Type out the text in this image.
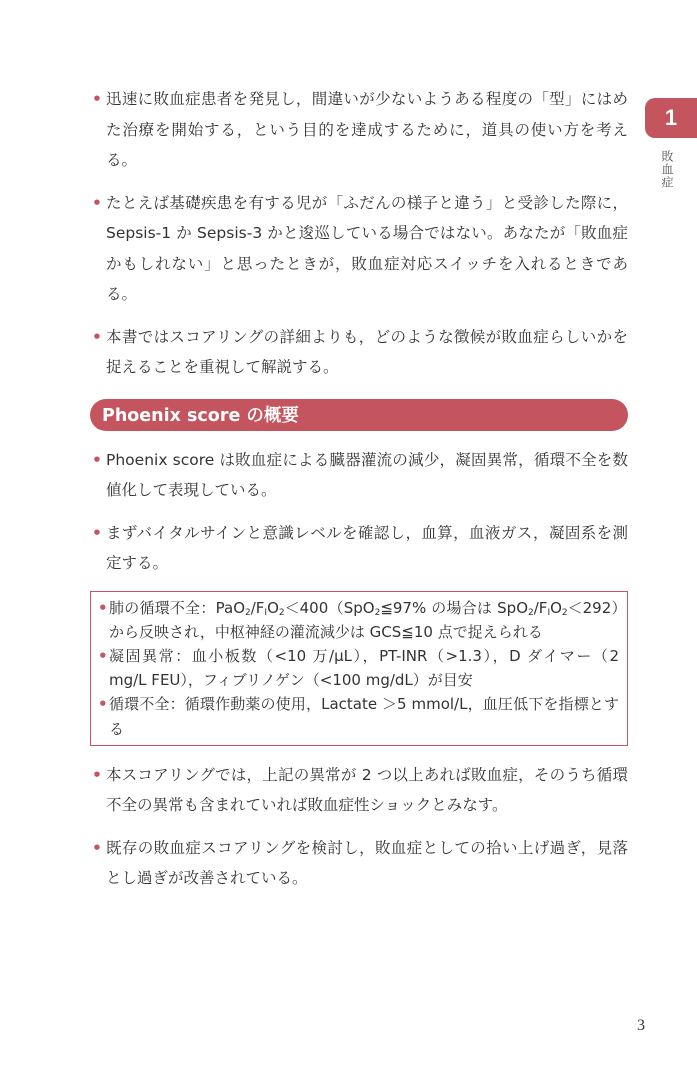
1
敗血症
• 迅速に敗血症患者を発見し，間違いが少ないようある程度の「型」にはめた治療を開始する，という目的を達成するために，道具の使い方を考える。
• たとえば基礎疾患を有する児が「ふだんの様子と違う」と受診した際に，Sepsis-1 か Sepsis-3 かと逡巡している場合ではない。あなたが「敗血症かもしれない」と思ったときが，敗血症対応スイッチを入れるときである。
• 本書ではスコアリングの詳細よりも，どのような徴候が敗血症らしいかを捉えることを重視して解説する。
Phoenix score の概要
• Phoenix score は敗血症による臓器灌流の減少，凝固異常，循環不全を数値化して表現している。
• まずバイタルサインと意識レベルを確認し，血算，血液ガス，凝固系を測定する。
• 肺の循環不全：$PaO_2/F_IO_2<400(SpO_2≦97\%$ の場合は $SpO_2/F_IO_2<292$）から反映され，中枢神経の灌流減少は GCS≦10 点で捉えられる
• 凝固異常：血小板数（<10 万/μL），PT-INR（>1.3），D ダイマー（2 mg/L FEU），フィブリノゲン（<100 mg/dL）が目安
• 循環不全：循環作動薬の使用，Lactate ＞5 mmol/L，血圧低下を指標とする
• 本スコアリングでは，上記の異常が 2 つ以上あれば敗血症，そのうち循環不全の異常も含まれていれば敗血症性ショックとみなす。
• 既存の敗血症スコアリングを検討し，敗血症としての拾い上げ過ぎ，見落とし過ぎが改善されている。
3
